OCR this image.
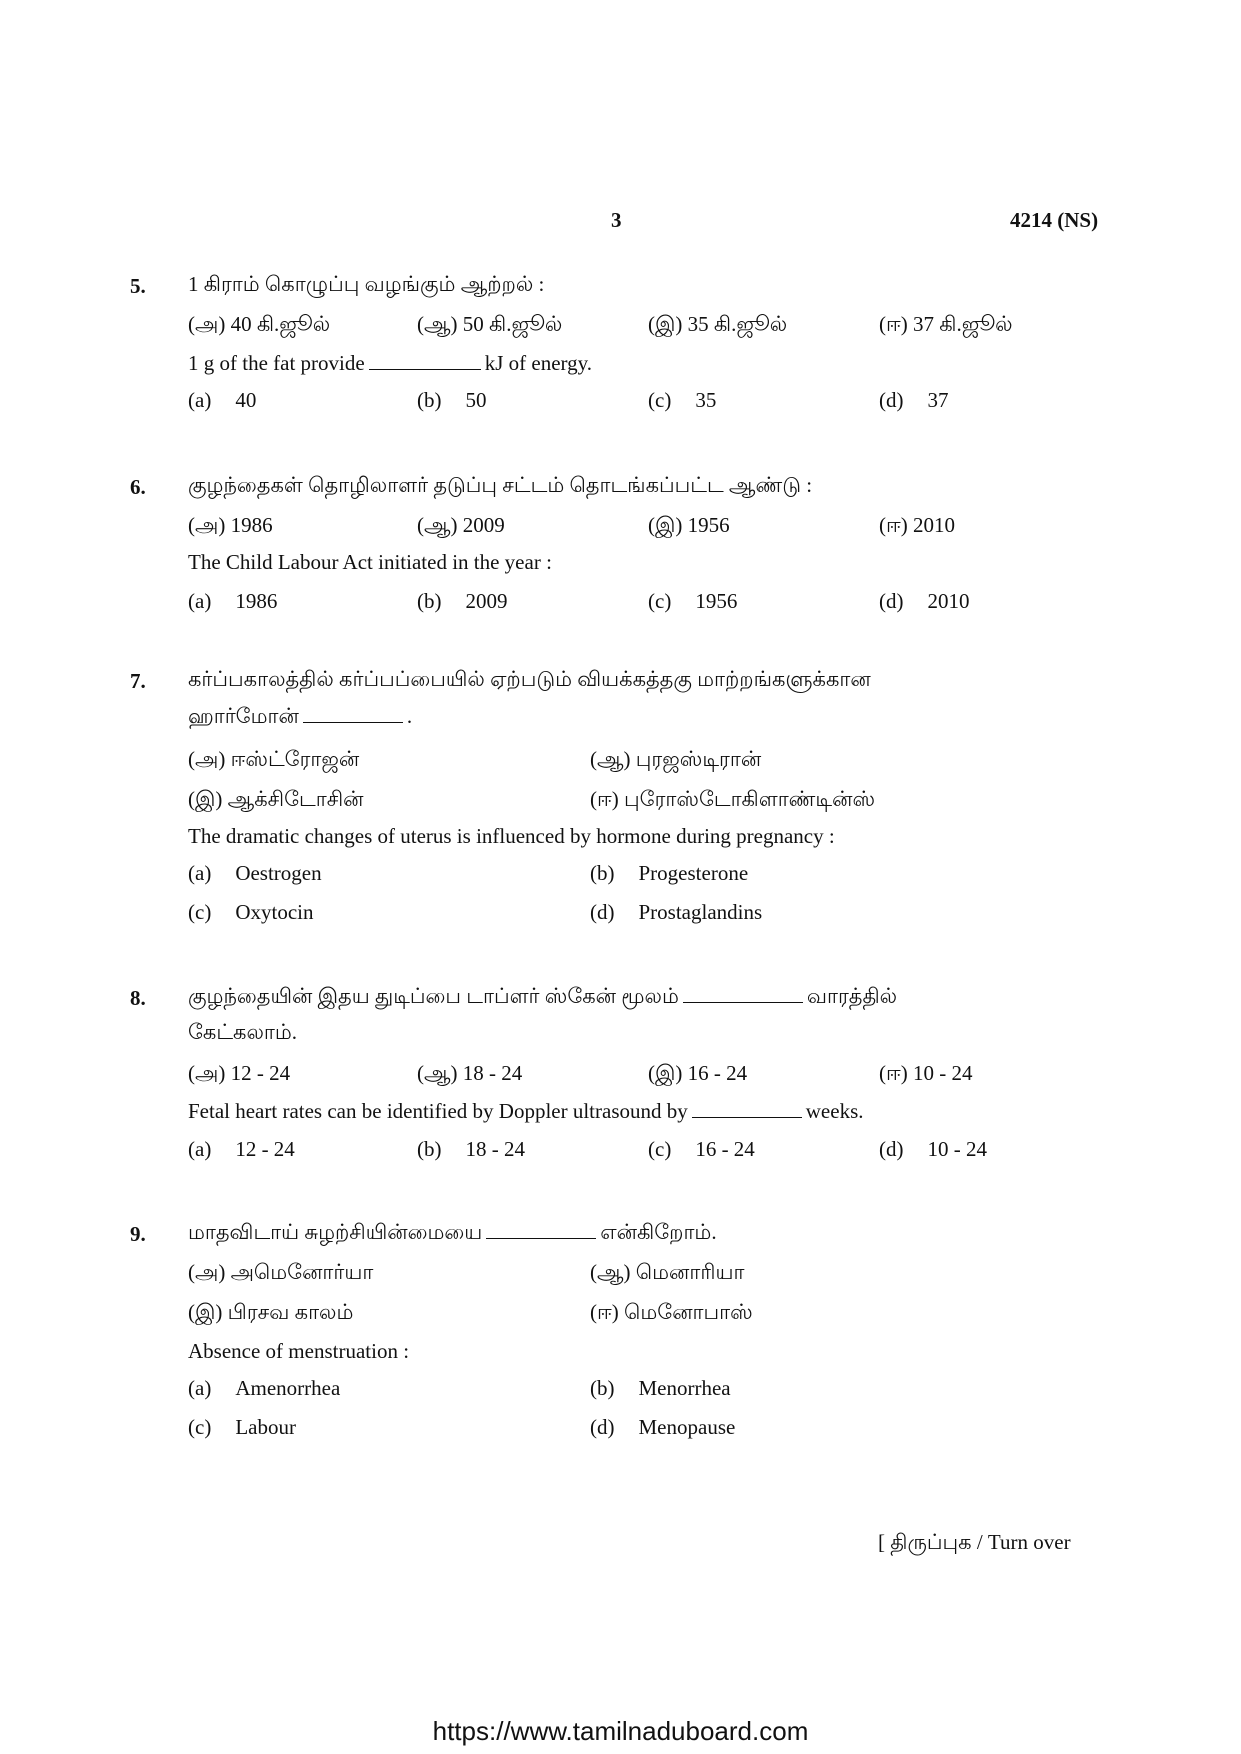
3	4214 (NS)
5. 1 கிராம் கொழுப்பு வழங்கும் ஆற்றல் :
(அ) 40 கி.ஜூல்	(ஆ) 50 கி.ஜூல்	(இ) 35 கி.ஜூல்	(ஈ) 37 கி.ஜூல்
1 g of the fat provide	kJ of energy.
(a) 40	(b) 50	(c) 35	(d) 37
6. குழந்தைகள் தொழிலாளர் தடுப்பு சட்டம் தொடங்கப்பட்ட ஆண்டு :
(அ) 1986	(ஆ) 2009	(இ) 1956	(ஈ) 2010
The Child Labour Act initiated in the year :
(a) 1986	(b) 2009	(c) 1956	(d) 2010
7. கர்ப்பகாலத்தில் கர்ப்பப்பையில் ஏற்படும் வியக்கத்தகு மாற்றங்களுக்கான
ஹார்மோன்	.
(அ) ஈஸ்ட்ரோஜன்	(ஆ) புரஜஸ்டிரான்
(இ) ஆக்சிடோசின்	(ஈ) புரோஸ்டோகிளாண்டின்ஸ்
The dramatic changes of uterus is influenced by hormone during pregnancy :
(a) Oestrogen	(b) Progesterone
(c) Oxytocin	(d) Prostaglandins
8. குழந்தையின் இதய துடிப்பை டாப்ளர் ஸ்கேன் மூலம்	வாரத்தில்
கேட்கலாம்.
(அ) 12 - 24	(ஆ) 18 - 24	(இ) 16 - 24	(ஈ) 10 - 24
Fetal heart rates can be identified by Doppler ultrasound by	weeks.
(a) 12 - 24	(b) 18 - 24	(c) 16 - 24	(d) 10 - 24
9. மாதவிடாய் சுழற்சியின்மையை	என்கிறோம்.
(அ) அமெனோர்யா	(ஆ) மெனாரியா
(இ) பிரசவ காலம்	(ஈ) மெனோபாஸ்
Absence of menstruation :
(a) Amenorrhea	(b) Menorrhea
(c) Labour	(d) Menopause
[ திருப்புக / Turn over
https://www.tamilnaduboard.com
